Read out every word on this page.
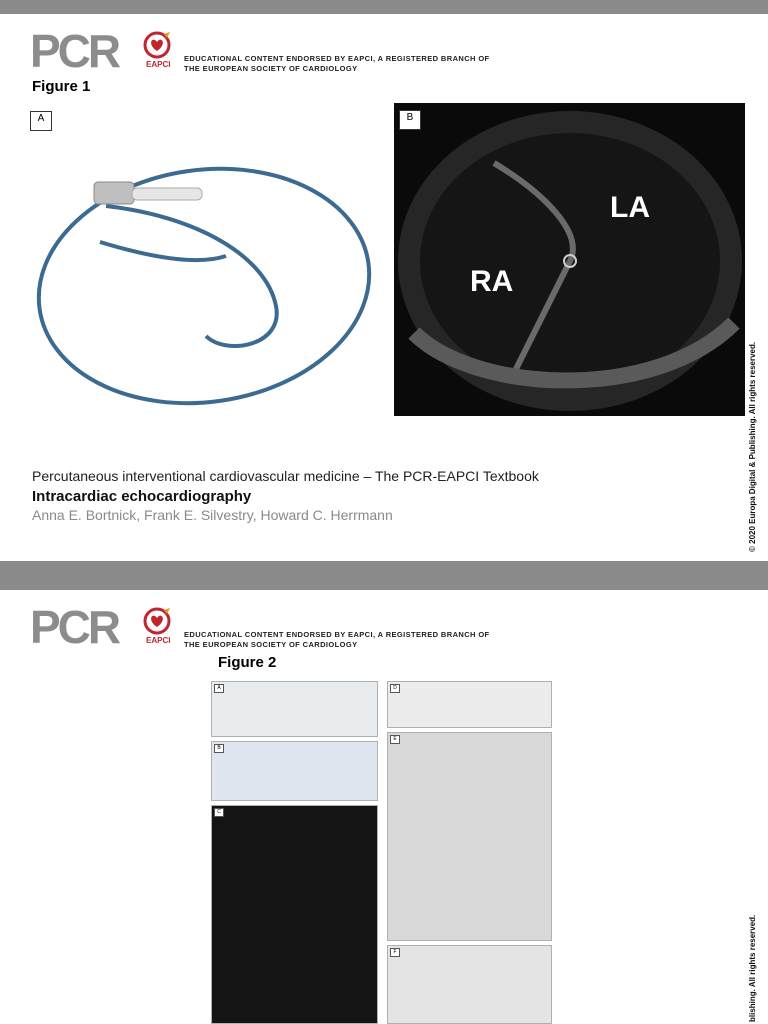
PCR	EAPCI
EDUCATIONAL CONTENT ENDORSED BY EAPCI, A REGISTERED BRANCH OF
THE EUROPEAN SOCIETY OF CARDIOLOGY
Figure 1
A
LA
RA
B
Percutaneous interventional cardiovascular medicine – The PCR-EAPCI Textbook
Intracardiac echocardiography
Anna E. Bortnick, Frank E. Silvestry, Howard C. Herrmann	© 2020 Europa Digital & Publishing. All rights reserved.
PCR	EAPCI
EDUCATIONAL CONTENT ENDORSED BY EAPCI, A REGISTERED BRANCH OF
THE EUROPEAN SOCIETY OF CARDIOLOGY
Figure 2
A
B
C
D
E
F	blishing. All rights reserved.
